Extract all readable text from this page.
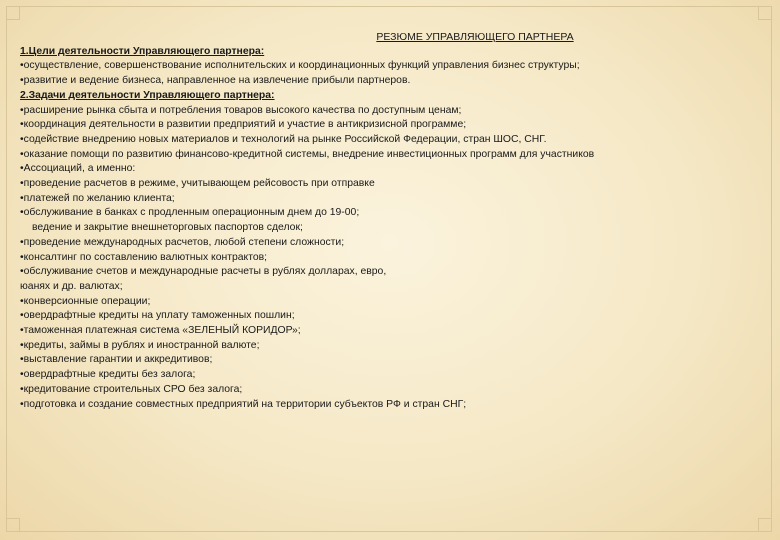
РЕЗЮМЕ УПРАВЛЯЮЩЕГО ПАРТНЕРА
1.Цели деятельности Управляющего партнера:
•осуществление, совершенствование исполнительских и координационных функций управления бизнес структуры;
•развитие и ведение бизнеса, направленное на извлечение прибыли партнеров.
2.Задачи деятельности Управляющего партнера:
•расширение рынка сбыта и потребления товаров высокого качества по доступным ценам;
•координация деятельности в развитии предприятий и участие в антикризисной программе;
•содействие внедрению новых материалов и технологий на рынке Российской Федерации, стран ШОС, СНГ.
•оказание помощи по развитию финансово-кредитной системы, внедрение инвестиционных программ для участников
•Ассоциаций, а именно:
•проведение расчетов в режиме, учитывающем рейсовость при отправке
•платежей по желанию клиента;
•обслуживание в банках с продленным операционным днем до 19-00;
ведение и закрытие внешнеторговых паспортов сделок;
•проведение международных расчетов, любой степени сложности;
•консалтинг по составлению валютных контрактов;
•обслуживание счетов и международные расчеты в рублях долларах, евро,
юанях и др. валютах;
•конверсионные операции;
•овердрафтные кредиты на уплату таможенных пошлин;
•таможенная платежная система «ЗЕЛЕНЫЙ КОРИДОР»;
•кредиты, займы в рублях и иностранной валюте;
•выставление гарантии и аккредитивов;
•овердрафтные кредиты без залога;
•кредитование строительных СРО без залога;
•подготовка и создание совместных предприятий на территории субъектов РФ и стран СНГ;
